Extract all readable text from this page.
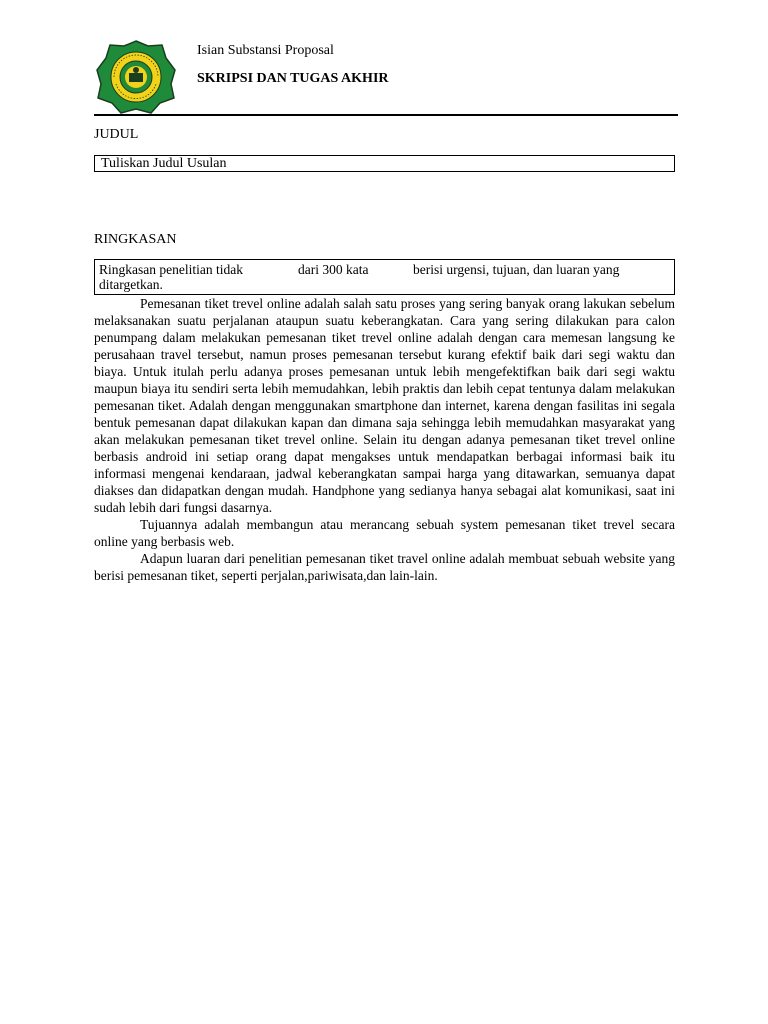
Isian Substansi Proposal
SKRIPSI DAN TUGAS AKHIR
JUDUL
Tuliskan Judul Usulan
RINGKASAN
Ringkasan penelitian tidak	dari 300 kata	berisi urgensi, tujuan, dan luaran yang
ditargetkan.

Pemesanan tiket trevel online adalah salah satu proses yang sering banyak orang lakukan sebelum melaksanakan suatu perjalanan ataupun suatu keberangkatan. Cara yang sering dilakukan para calon penumpang dalam melakukan pemesanan tiket trevel online adalah dengan cara memesan langsung ke perusahaan travel tersebut, namun proses pemesanan tersebut kurang efektif baik dari segi waktu dan biaya. Untuk itulah perlu adanya proses pemesanan untuk lebih mengefektifkan baik dari segi waktu maupun biaya itu sendiri serta lebih memudahkan, lebih praktis dan lebih cepat tentunya dalam melakukan pemesanan tiket. Adalah dengan menggunakan smartphone dan internet, karena dengan fasilitas ini segala bentuk pemesanan dapat dilakukan kapan dan dimana saja sehingga lebih memudahkan masyarakat yang akan melakukan pemesanan tiket trevel online. Selain itu dengan adanya pemesanan tiket trevel online berbasis android ini setiap orang dapat mengakses untuk mendapatkan berbagai informasi baik itu informasi mengenai kendaraan, jadwal keberangkatan sampai harga yang ditawarkan, semuanya dapat diakses dan didapatkan dengan mudah. Handphone yang sedianya hanya sebagai alat komunikasi, saat ini sudah lebih dari fungsi dasarnya.

Tujuannya adalah membangun atau merancang sebuah system pemesanan tiket trevel secara online yang berbasis web.

Adapun luaran dari penelitian pemesanan tiket travel online adalah membuat sebuah website yang berisi pemesanan tiket, seperti perjalan,pariwisata,dan lain-lain.
